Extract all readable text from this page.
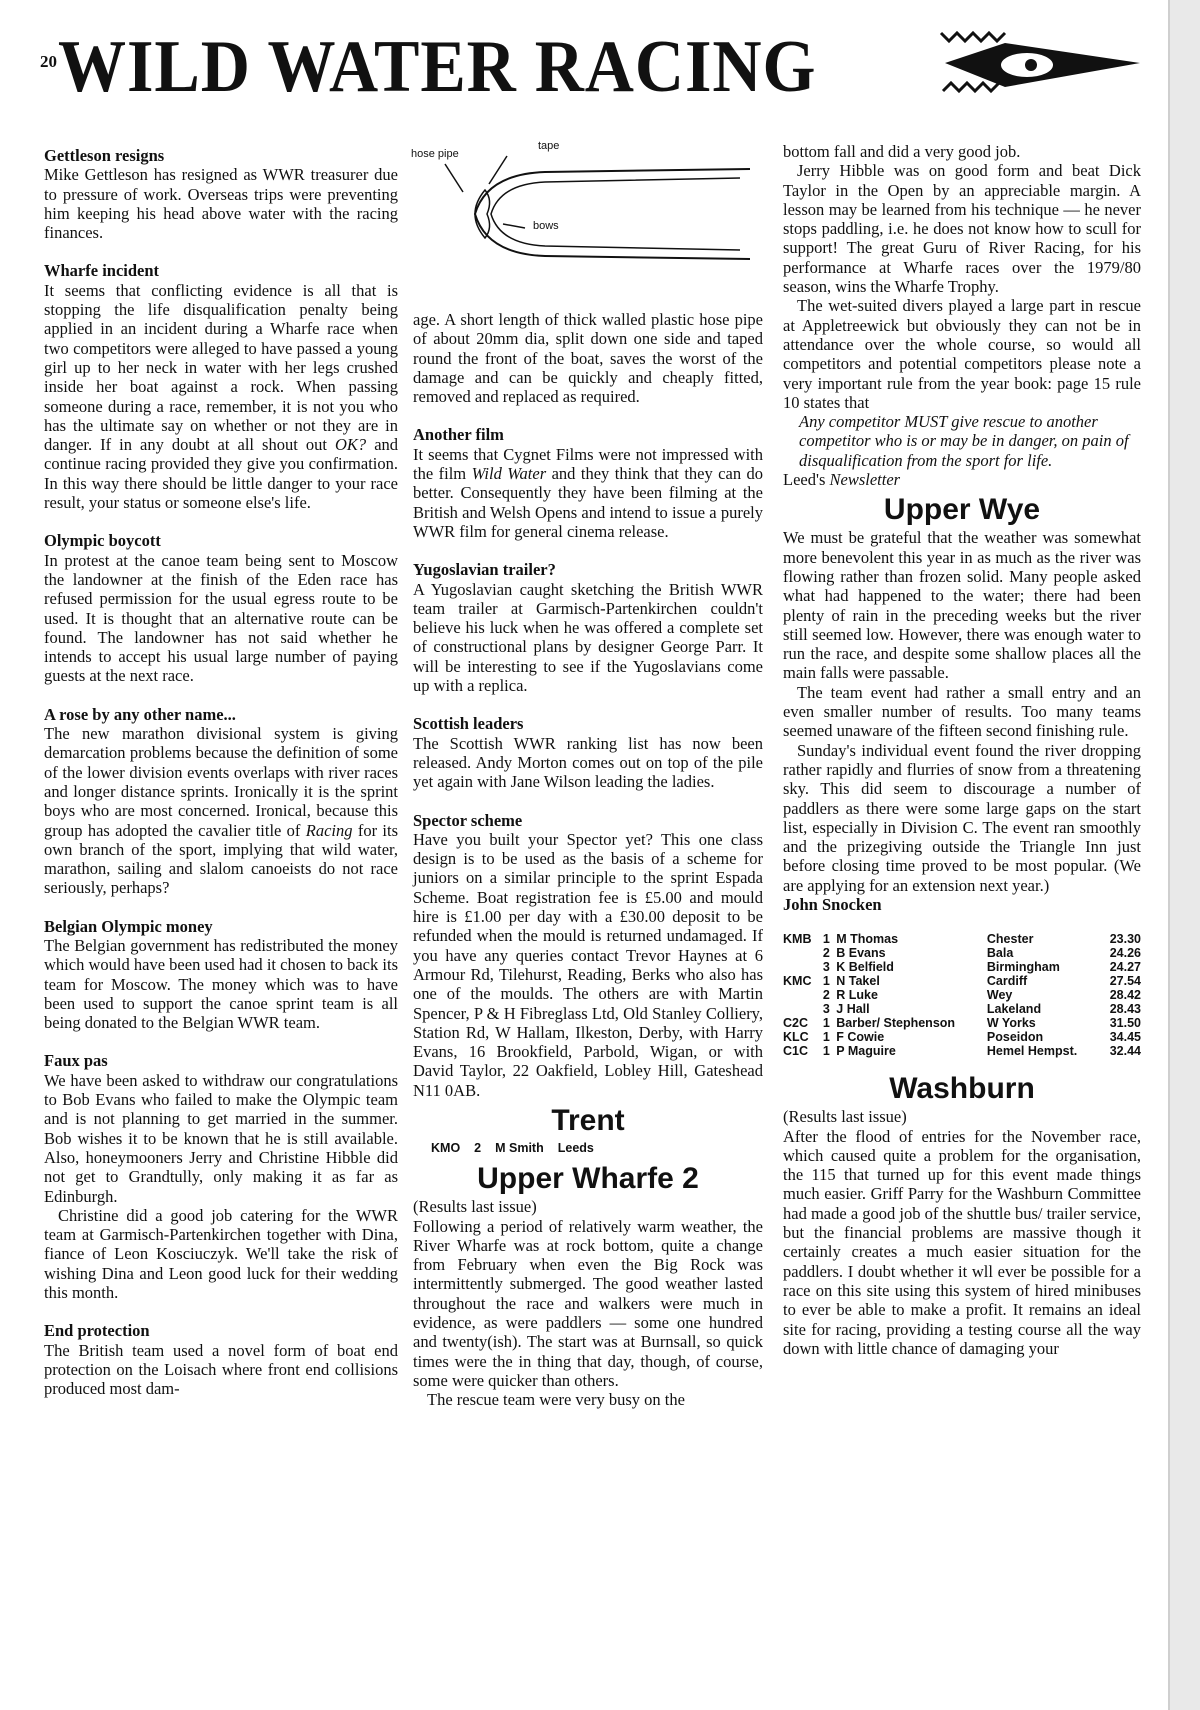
20 WILD WATER RACING
hose pipe
tape
bows
Gettleson resigns

Mike Gettleson has resigned as WWR treasurer due to pressure of work. Overseas trips were preventing him keeping his head above water with the racing finances.

Wharfe incident

It seems that conflicting evidence is all that is stopping the life disqualification penalty being applied in an incident during a Wharfe race when two competitors were alleged to have passed a young girl up to her neck in water with her legs crushed inside her boat against a rock. When passing someone during a race, remember, it is not you who has the ultimate say on whether or not they are in danger. If in any doubt at all shout out OK? and continue racing provided they give you confirmation. In this way there should be little danger to your race result, your status or someone else's life.

Olympic boycott

In protest at the canoe team being sent to Moscow the landowner at the finish of the Eden race has refused permission for the usual egress route to be used. It is thought that an alternative route can be found. The landowner has not said whether he intends to accept his usual large number of paying guests at the next race.

A rose by any other name...

The new marathon divisional system is giving demarcation problems because the definition of some of the lower division events overlaps with river races and longer distance sprints. Ironically it is the sprint boys who are most concerned. Ironical, because this group has adopted the cavalier title of Racing for its own branch of the sport, implying that wild water, marathon, sailing and slalom canoeists do not race seriously, perhaps?

Belgian Olympic money

The Belgian government has redistributed the money which would have been used had it chosen to back its team for Moscow. The money which was to have been used to support the canoe sprint team is all being donated to the Belgian WWR team.

Faux pas

We have been asked to withdraw our congratulations to Bob Evans who failed to make the Olympic team and is not planning to get married in the summer. Bob wishes it to be known that he is still available. Also, honeymooners Jerry and Christine Hibble did not get to Grandtully, only making it as far as Edinburgh.

Christine did a good job catering for the WWR team at Garmisch-Partenkirchen together with Dina, fiance of Leon Kosciuczyk. We'll take the risk of wishing Dina and Leon good luck for their wedding this month.

End protection

The British team used a novel form of boat end protection on the Loisach where front end collisions produced most dam-

age. A short length of thick walled plastic hose pipe of about 20mm dia, split down one side and taped round the front of the boat, saves the worst of the damage and can be quickly and cheaply fitted, removed and replaced as required.

Another film

It seems that Cygnet Films were not impressed with the film Wild Water and they think that they can do better. Consequently they have been filming at the British and Welsh Opens and intend to issue a purely WWR film for general cinema release.

Yugoslavian trailer?

A Yugoslavian caught sketching the British WWR team trailer at Garmisch-Partenkirchen couldn't believe his luck when he was offered a complete set of constructional plans by designer George Parr. It will be interesting to see if the Yugoslavians come up with a replica.

Scottish leaders

The Scottish WWR ranking list has now been released. Andy Morton comes out on top of the pile yet again with Jane Wilson leading the ladies.

Spector scheme

Have you built your Spector yet? This one class design is to be used as the basis of a scheme for juniors on a similar principle to the sprint Espada Scheme. Boat registration fee is £5.00 and mould hire is £1.00 per day with a £30.00 deposit to be refunded when the mould is returned undamaged. If you have any queries contact Trevor Haynes at 6 Armour Rd, Tilehurst, Reading, Berks who also has one of the moulds. The others are with Martin Spencer, P & H Fibreglass Ltd, Old Stanley Colliery, Station Rd, W Hallam, Ilkeston, Derby, with Harry Evans, 16 Brookfield, Parbold, Wigan, or with David Taylor, 22 Oakfield, Lobley Hill, Gateshead N11 0AB.

Trent
KMO 2 M Smith Leeds
Upper Wharfe 2

(Results last issue)

Following a period of relatively warm weather, the River Wharfe was at rock bottom, quite a change from February when even the Big Rock was intermittently submerged. The good weather lasted throughout the race and walkers were much in evidence, as were paddlers — some one hundred and twenty(ish). The start was at Burnsall, so quick times were the in thing that day, though, of course, some were quicker than others.

The rescue team were very busy on the

bottom fall and did a very good job.

Jerry Hibble was on good form and beat Dick Taylor in the Open by an appreciable margin. A lesson may be learned from his technique — he never stops paddling, i.e. he does not know how to scull for support! The great Guru of River Racing, for his performance at Wharfe races over the 1979/80 season, wins the Wharfe Trophy.

The wet-suited divers played a large part in rescue at Appletreewick but obviously they can not be in attendance over the whole course, so would all competitors and potential competitors please note a very important rule from the year book: page 15 rule 10 states that

Any competitor MUST give rescue to another competitor who is or may be in danger, on pain of disqualification from the sport for life.

Leed's Newsletter

Upper Wye

We must be grateful that the weather was somewhat more benevolent this year in as much as the river was flowing rather than frozen solid. Many people asked what had happened to the water; there had been plenty of rain in the preceding weeks but the river still seemed low. However, there was enough water to run the race, and despite some shallow places all the main falls were passable.

The team event had rather a small entry and an even smaller number of results. Too many teams seemed unaware of the fifteen second finishing rule.

Sunday's individual event found the river dropping rather rapidly and flurries of snow from a threatening sky. This did seem to discourage a number of paddlers as there were some large gaps on the start list, especially in Division C. The event ran smoothly and the prizegiving outside the Triangle Inn just before closing time proved to be most popular. (We are applying for an extension next year.)

John Snocken

KMB	1	M Thomas	Chester	23.30
	2	B Evans	Bala	24.26
	3	K Belfield	Birmingham	24.27
KMC	1	N Takel	Cardiff	27.54
	2	R Luke	Wey	28.42
	3	J Hall	Lakeland	28.43
C2C	1	Barber/ Stephenson	W Yorks	31.50
KLC	1	F Cowie	Poseidon	34.45
C1C	1	P Maguire	Hemel Hempst.	32.44
Washburn

(Results last issue)

After the flood of entries for the November race, which caused quite a problem for the organisation, the 115 that turned up for this event made things much easier. Griff Parry for the Washburn Committee had made a good job of the shuttle bus/ trailer service, but the financial problems are massive though it certainly creates a much easier situation for the paddlers. I doubt whether it wll ever be possible for a race on this site using this system of hired minibuses to ever be able to make a profit. It remains an ideal site for racing, providing a testing course all the way down with little chance of damaging your
